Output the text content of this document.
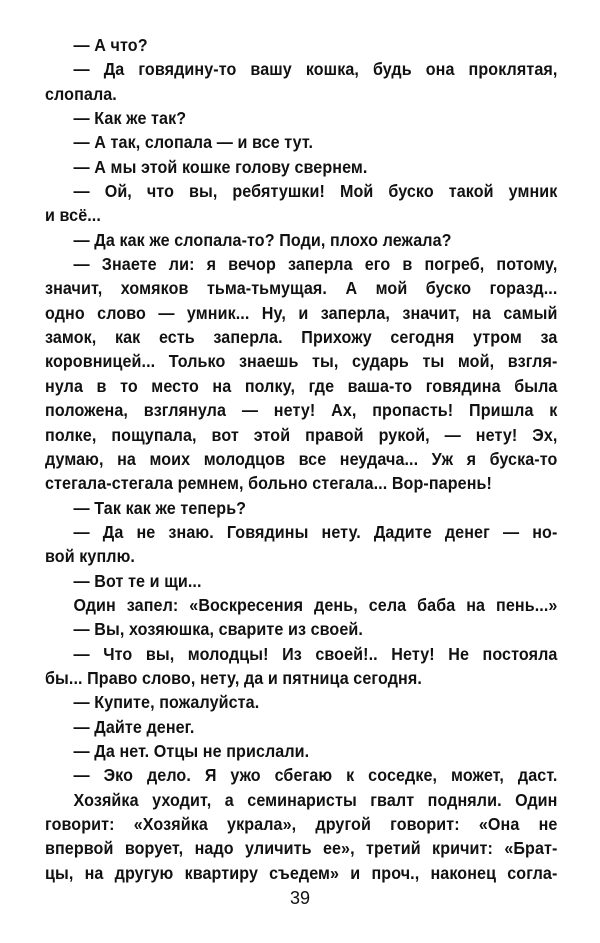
— А что?
— Да говядину-то вашу кошка, будь она проклятая,
слопала.
— Как же так?
— А так, слопала — и все тут.
— А мы этой кошке голову свернем.
— Ой, что вы, ребятушки! Мой буско такой умник
и всё...
— Да как же слопала-то? Поди, плохо лежала?
— Знаете ли: я вечор заперла его в погреб, потому,
значит, хомяков тьма-тьмущая. А мой буско горазд...
одно слово — умник... Ну, и заперла, значит, на самый
замок, как есть заперла. Прихожу сегодня утром за
коровницей... Только знаешь ты, сударь ты мой, взгля-
нула в то место на полку, где ваша-то говядина была
положена, взглянула — нету! Ах, пропасть! Пришла к
полке, пощупала, вот этой правой рукой, — нету! Эх,
думаю, на моих молодцов все неудача... Уж я буска-то
стегала-стегала ремнем, больно стегала... Вор-парень!
— Так как же теперь?
— Да не знаю. Говядины нету. Дадите денег — но-
вой куплю.
— Вот те и щи...
Один запел: «Воскресения день, села баба на пень...»
— Вы, хозяюшка, сварите из своей.
— Что вы, молодцы! Из своей!.. Нету! Не постояла
бы... Право слово, нету, да и пятница сегодня.
— Купите, пожалуйста.
— Дайте денег.
— Да нет. Отцы не прислали.
— Эко дело. Я ужо сбегаю к соседке, может, даст.
Хозяйка уходит, а семинаристы гвалт подняли. Один
говорит: «Хозяйка украла», другой говорит: «Она не
впервой ворует, надо уличить ее», третий кричит: «Брат-
цы, на другую квартиру съедем» и проч., наконец согла-
39
